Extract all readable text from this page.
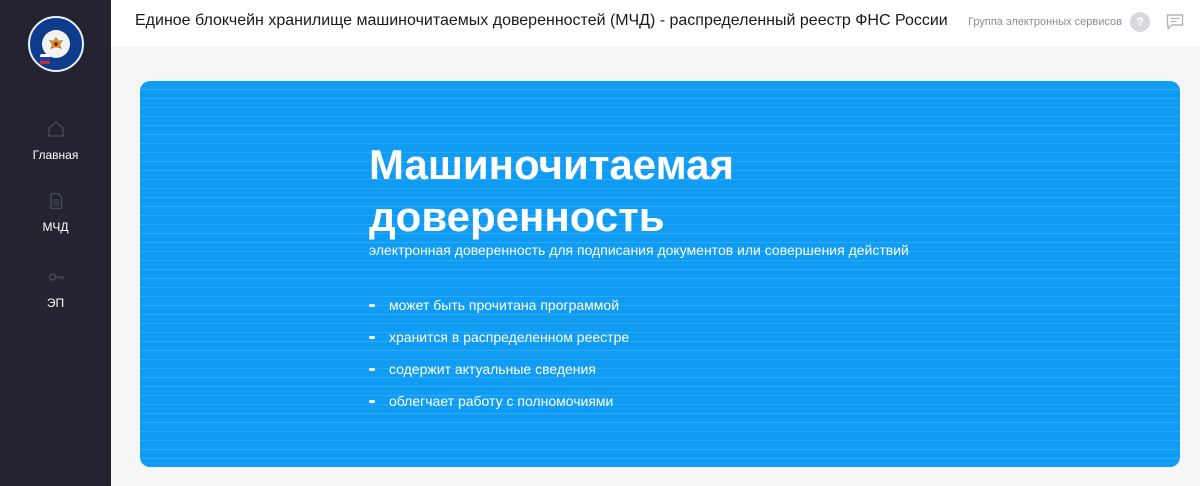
Главная
МЧД
ЭП
Единое блокчейн хранилище машиночитаемых доверенностей (МЧД) - распределенный реестр ФНС России Группа электронных сервисов ?
Машиночитаемая доверенность

электронная доверенность для подписания документов или совершения действий

может быть прочитана программой
хранится в распределенном реестре
содержит актуальные сведения
облегчает работу с полномочиями
